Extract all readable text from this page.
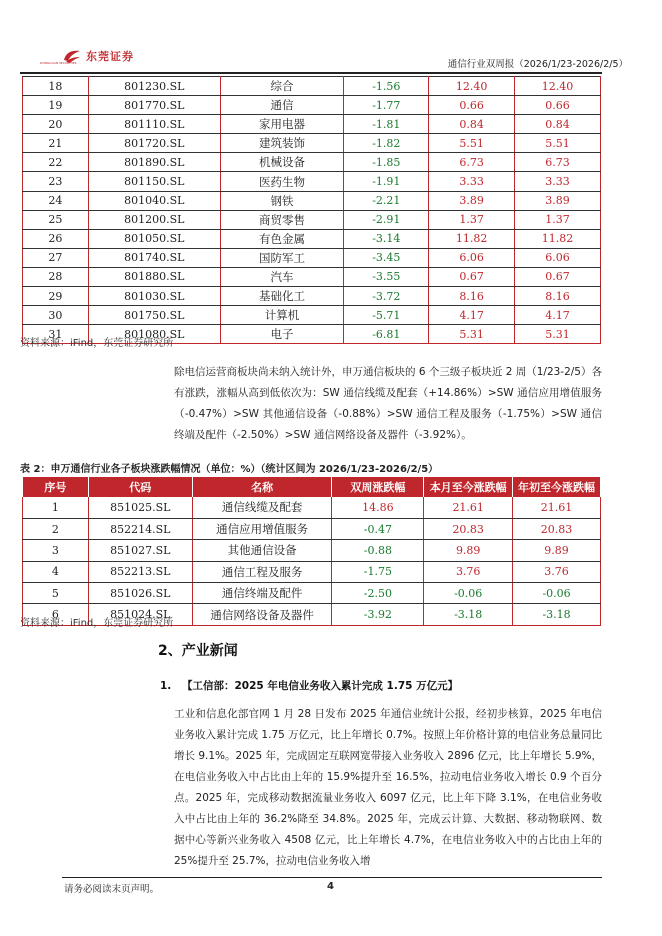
东莞证券
DONGGUAN SECURITIES	通信行业双周报（2026/1/23-2026/2/5）
18	801230.SL	综合	-1.56	12.40	12.40
19	801770.SL	通信	-1.77	0.66	0.66
20	801110.SL	家用电器	-1.81	0.84	0.84
21	801720.SL	建筑装饰	-1.82	5.51	5.51
22	801890.SL	机械设备	-1.85	6.73	6.73
23	801150.SL	医药生物	-1.91	3.33	3.33
24	801040.SL	钢铁	-2.21	3.89	3.89
25	801200.SL	商贸零售	-2.91	1.37	1.37
26	801050.SL	有色金属	-3.14	11.82	11.82
27	801740.SL	国防军工	-3.45	6.06	6.06
28	801880.SL	汽车	-3.55	0.67	0.67
29	801030.SL	基础化工	-3.72	8.16	8.16
30	801750.SL	计算机	-5.71	4.17	4.17
31	801080.SL	电子	-6.81	5.31	5.31
资料来源：iFind，东莞证券研究所
除电信运营商板块尚未纳入统计外，申万通信板块的 6 个三级子板块近 2 周（1/23-2/5）各有涨跌，涨幅从高到低依次为：SW 通信线缆及配套（+14.86%）>SW 通信应用增值服务（-0.47%）>SW 其他通信设备（-0.88%）>SW 通信工程及服务（-1.75%）>SW 通信终端及配件（-2.50%）>SW 通信网络设备及器件（-3.92%）。
表 2：申万通信行业各子板块涨跌幅情况（单位：%）（统计区间为 2026/1/23-2026/2/5）
序号	代码	名称	双周涨跌幅	本月至今涨跌幅	年初至今涨跌幅
1	851025.SL	通信线缆及配套	14.86	21.61	21.61
2	852214.SL	通信应用增值服务	-0.47	20.83	20.83
3	851027.SL	其他通信设备	-0.88	9.89	9.89
4	852213.SL	通信工程及服务	-1.75	3.76	3.76
5	851026.SL	通信终端及配件	-2.50	-0.06	-0.06
6	851024.SL	通信网络设备及器件	-3.92	-3.18	-3.18
资料来源：iFind，东莞证券研究所
2、产业新闻
1. 【工信部：2025 年电信业务收入累计完成 1.75 万亿元】
工业和信息化部官网 1 月 28 日发布 2025 年通信业统计公报，经初步核算，2025 年电信业务收入累计完成 1.75 万亿元，比上年增长 0.7%。按照上年价格计算的电信业务总量同比增长 9.1%。2025 年，完成固定互联网宽带接入业务收入 2896 亿元，比上年增长 5.9%，在电信业务收入中占比由上年的 15.9%提升至 16.5%，拉动电信业务收入增长 0.9 个百分点。2025 年，完成移动数据流量业务收入 6097 亿元，比上年下降 3.1%，在电信业务收入中占比由上年的 36.2%降至 34.8%。2025 年，完成云计算、大数据、移动物联网、数据中心等新兴业务收入 4508 亿元，比上年增长 4.7%，在电信业务收入中的占比由上年的 25%提升至 25.7%，拉动电信业务收入增
请务必阅读末页声明。	4
